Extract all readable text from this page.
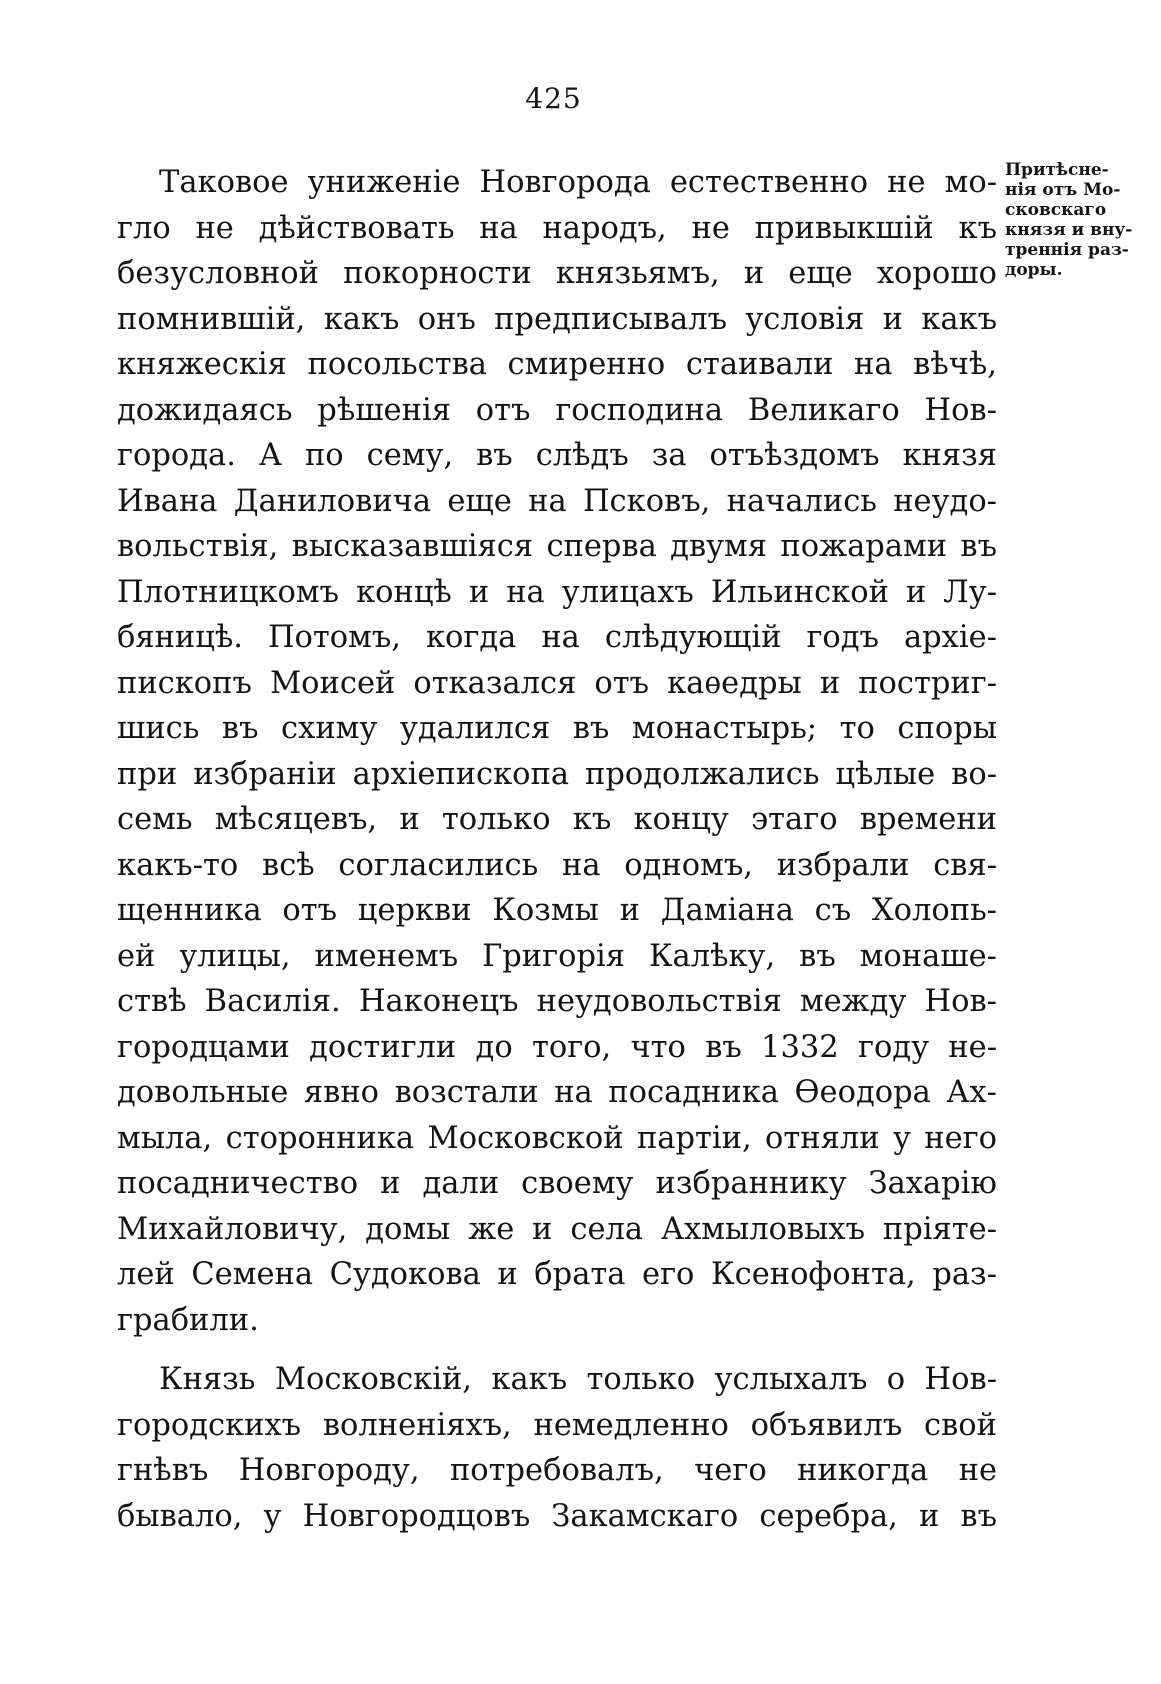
425
Таковое униженіе Новгорода естественно не мо-
гло не дѣйствовать на народъ, не привыкшій къ
безусловной покорности князьямъ, и еще хорошо
помнившій, какъ онъ предписывалъ условія и какъ
княжескія посольства смиренно стаивали на вѣчѣ,
дожидаясь рѣшенія отъ господина Великаго Нов-
города. А по сему, въ слѣдъ за отъѣздомъ князя
Ивана Даниловича еще на Псковъ, начались неудо-
вольствія, высказавшіяся сперва двумя пожарами въ
Плотницкомъ концѣ и на улицахъ Ильинской и Лу-
бяницѣ. Потомъ, когда на слѣдующій годъ архіе-
пископъ Моисей отказался отъ каѳедры и постриг-
шись въ схиму удалился въ монастырь; то споры
при избраніи архіепископа продолжались цѣлые во-
семь мѣсяцевъ, и только къ концу этаго времени
какъ-то всѣ согласились на одномъ, избрали свя-
щенника отъ церкви Козмы и Даміана съ Холопь-
ей улицы, именемъ Григорія Калѣку, въ монаше-
ствѣ Василія. Наконецъ неудовольствія между Нов-
городцами достигли до того, что въ 1332 году не-
довольные явно возстали на посадника Ѳеодора Ах-
мыла, сторонника Московской партіи, отняли у него
посадничество и дали своему избраннику Захарію
Михайловичу, домы же и села Ахмыловыхъ пріяте-
лей Семена Судокова и брата его Ксенофонта, раз-
грабили.
Князь Московскій, какъ только услыхалъ о Нов-
городскихъ волненіяхъ, немедленно объявилъ свой
гнѣвъ Новгороду, потребовалъ, чего никогда не
бывало, у Новгородцовъ Закамскаго серебра, и въ
Притѣсне-
нія отъ Мо-
сковскаго
князя и вну-
треннія раз-
доры.
